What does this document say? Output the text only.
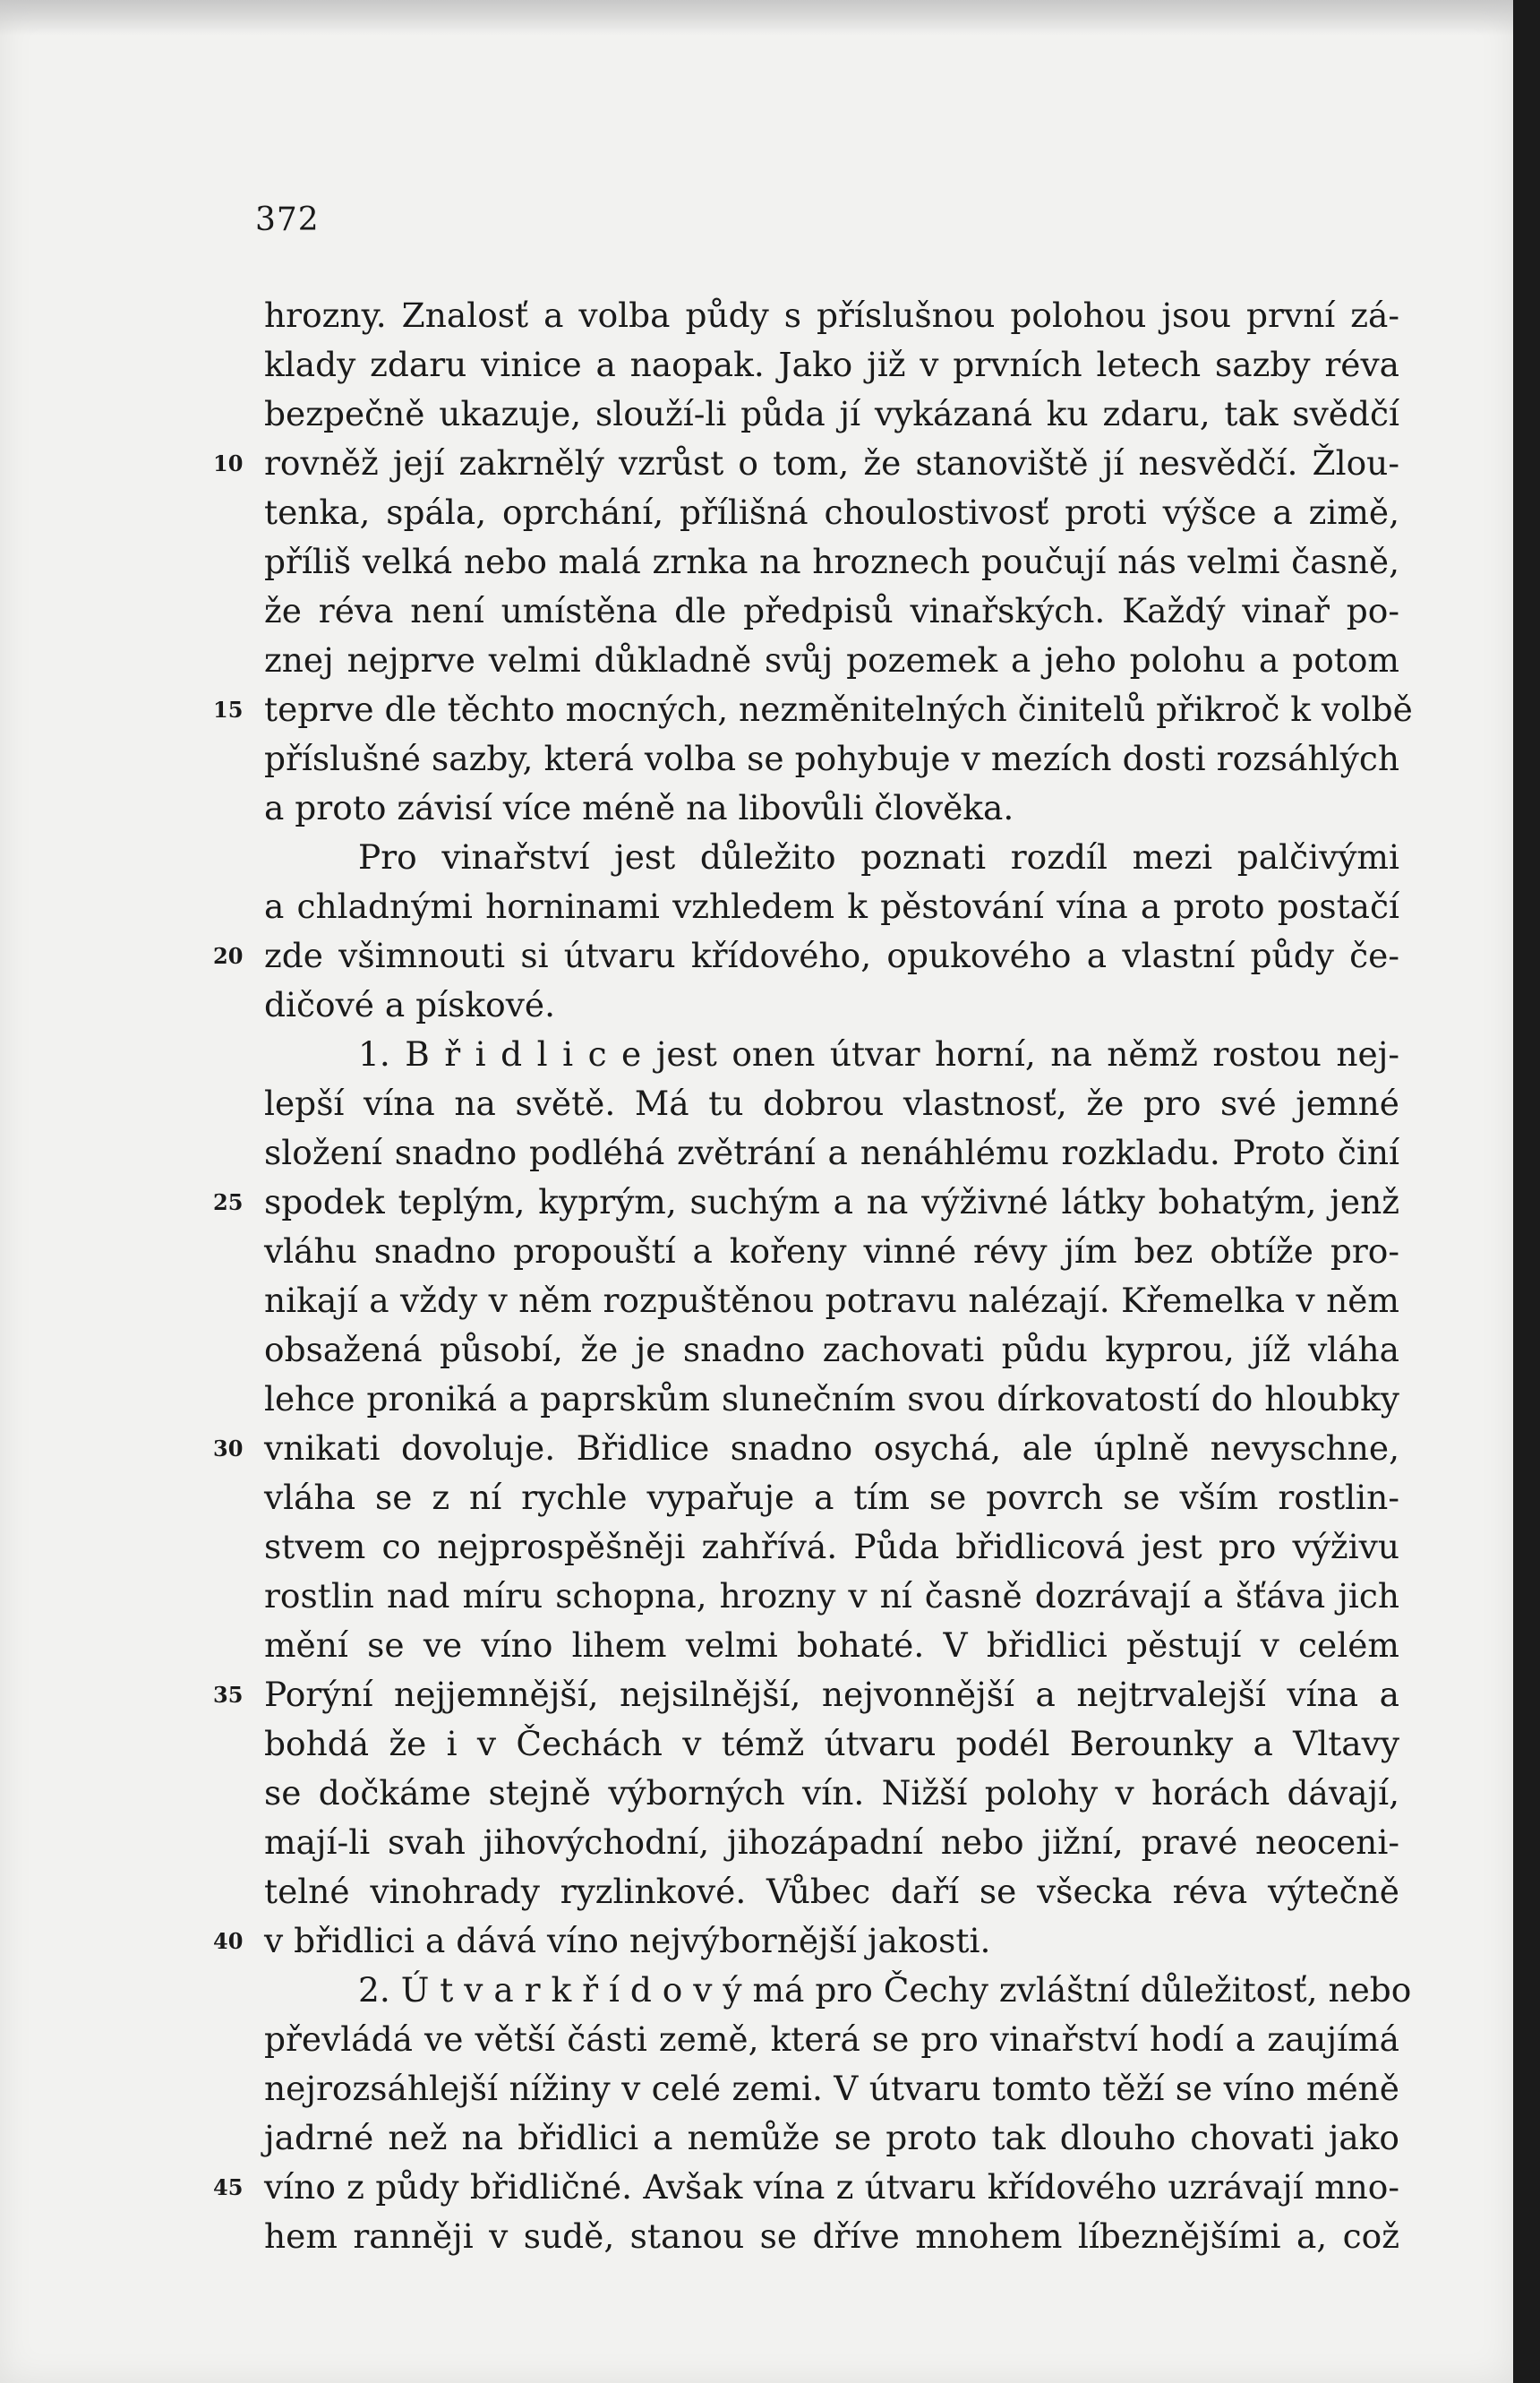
372
hrozny. Znalosť a volba půdy s příslušnou polohou jsou první zá-
klady zdaru vinice a naopak. Jako již v prvních letech sazby réva
bezpečně ukazuje, slouží-li půda jí vykázaná ku zdaru, tak svědčí
10 rovněž její zakrnělý vzrůst o tom, že stanoviště jí nesvědčí. Žlou-
tenka, spála, oprchání, přílišná choulostivosť proti výšce a zimě,
příliš velká nebo malá zrnka na hroznech poučují nás velmi časně,
že réva není umístěna dle předpisů vinařských. Každý vinař po-
znej nejprve velmi důkladně svůj pozemek a jeho polohu a potom
15 teprve dle těchto mocných, nezměnitelných činitelů přikroč k volbě
příslušné sazby, která volba se pohybuje v mezích dosti rozsáhlých
a proto závisí více méně na libovůli člověka.
Pro vinařství jest důležito poznati rozdíl mezi palčivými
a chladnými horninami vzhledem k pěstování vína a proto postačí
20 zde všimnouti si útvaru křídového, opukového a vlastní půdy če-
dičové a pískové.
1. B ř i d l i c e jest onen útvar horní, na němž rostou nej-
lepší vína na světě. Má tu dobrou vlastnosť, že pro své jemné
složení snadno podléhá zvětrání a nenáhlému rozkladu. Proto činí
25 spodek teplým, kyprým, suchým a na výživné látky bohatým, jenž
vláhu snadno propouští a kořeny vinné révy jím bez obtíže pro-
nikají a vždy v něm rozpuštěnou potravu nalézají. Křemelka v něm
obsažená působí, že je snadno zachovati půdu kyprou, jíž vláha
lehce proniká a paprskům slunečním svou dírkovatostí do hloubky
30 vnikati dovoluje. Břidlice snadno osychá, ale úplně nevyschne,
vláha se z ní rychle vypařuje a tím se povrch se vším rostlin-
stvem co nejprospěšněji zahřívá. Půda břidlicová jest pro výživu
rostlin nad míru schopna, hrozny v ní časně dozrávají a šťáva jich
mění se ve víno lihem velmi bohaté. V břidlici pěstují v celém
35 Porýní nejjemnější, nejsilnější, nejvonnější a nejtrvalejší vína a
bohdá že i v Čechách v témž útvaru podél Berounky a Vltavy
se dočkáme stejně výborných vín. Nižší polohy v horách dávají,
mají-li svah jihovýchodní, jihozápadní nebo jižní, pravé neoceni-
telné vinohrady ryzlinkové. Vůbec daří se všecka réva výtečně
40 v břidlici a dává víno nejvýbornější jakosti.
2. Ú t v a r k ř í d o v ý má pro Čechy zvláštní důležitosť, nebo
převládá ve větší části země, která se pro vinařství hodí a zaujímá
nejrozsáhlejší nížiny v celé zemi. V útvaru tomto těží se víno méně
jadrné než na břidlici a nemůže se proto tak dlouho chovati jako
45 víno z půdy břidličné. Avšak vína z útvaru křídového uzrávají mno-
hem ranněji v sudě, stanou se dříve mnohem líbeznějšími a, což
